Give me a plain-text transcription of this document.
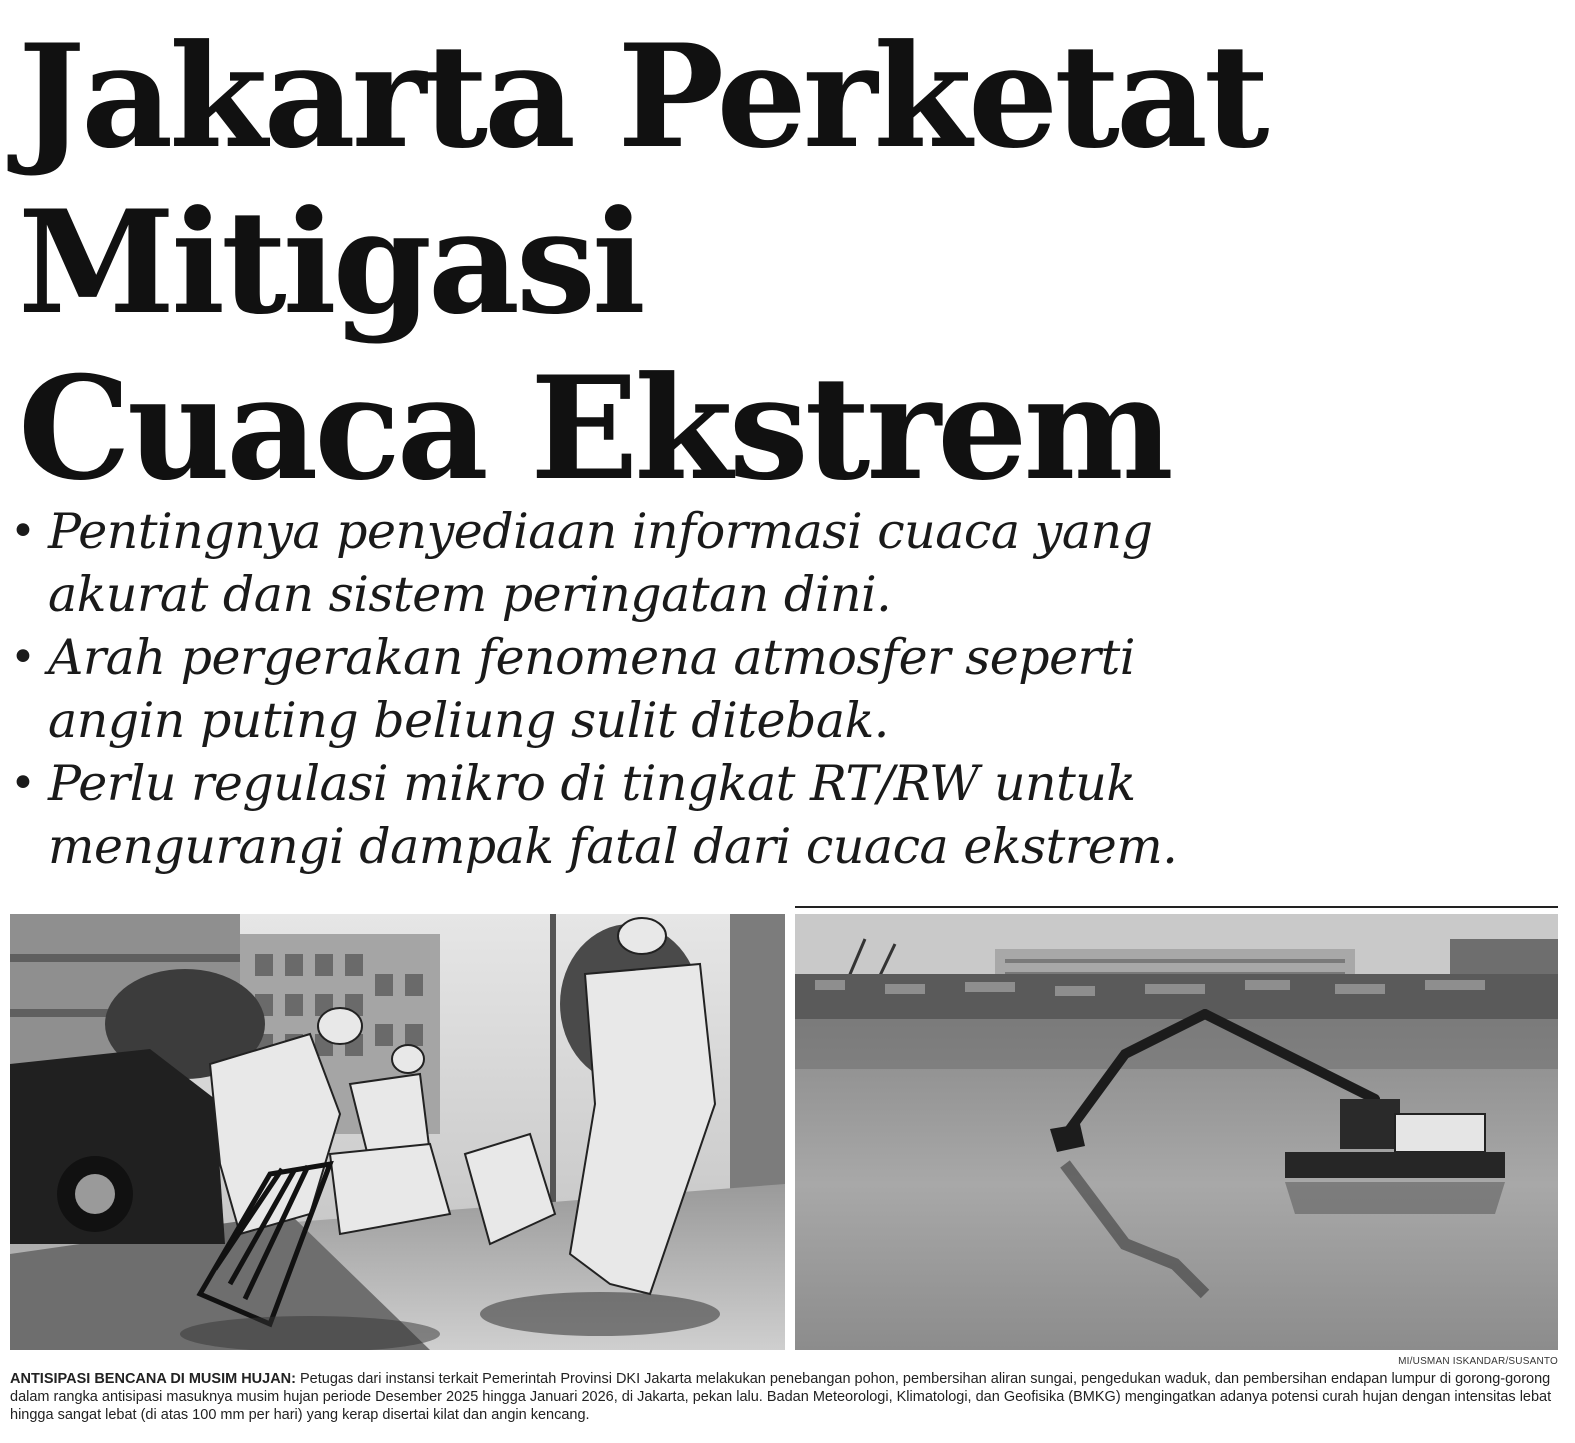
Jakarta Perketat
Mitigasi
Cuaca Ekstrem
• Pentingnya penyediaan informasi cuaca yang akurat dan sistem peringatan dini.
• Arah pergerakan fenomena atmosfer seperti angin puting beliung sulit ditebak.
• Perlu regulasi mikro di tingkat RT/RW untuk mengurangi dampak fatal dari cuaca ekstrem.
MI/USMAN ISKANDAR/SUSANTO

ANTISIPASI BENCANA DI MUSIM HUJAN: Petugas dari instansi terkait Pemerintah Provinsi DKI Jakarta melakukan penebangan pohon, pembersihan aliran sungai, pengedukan waduk, dan pembersihan endapan lumpur di gorong-gorong dalam rangka antisipasi masuknya musim hujan periode Desember 2025 hingga Januari 2026, di Jakarta, pekan lalu. Badan Meteorologi, Klimatologi, dan Geofisika (BMKG) mengingatkan adanya potensi curah hujan dengan intensitas lebat hingga sangat lebat (di atas 100 mm per hari) yang kerap disertai kilat dan angin kencang.
